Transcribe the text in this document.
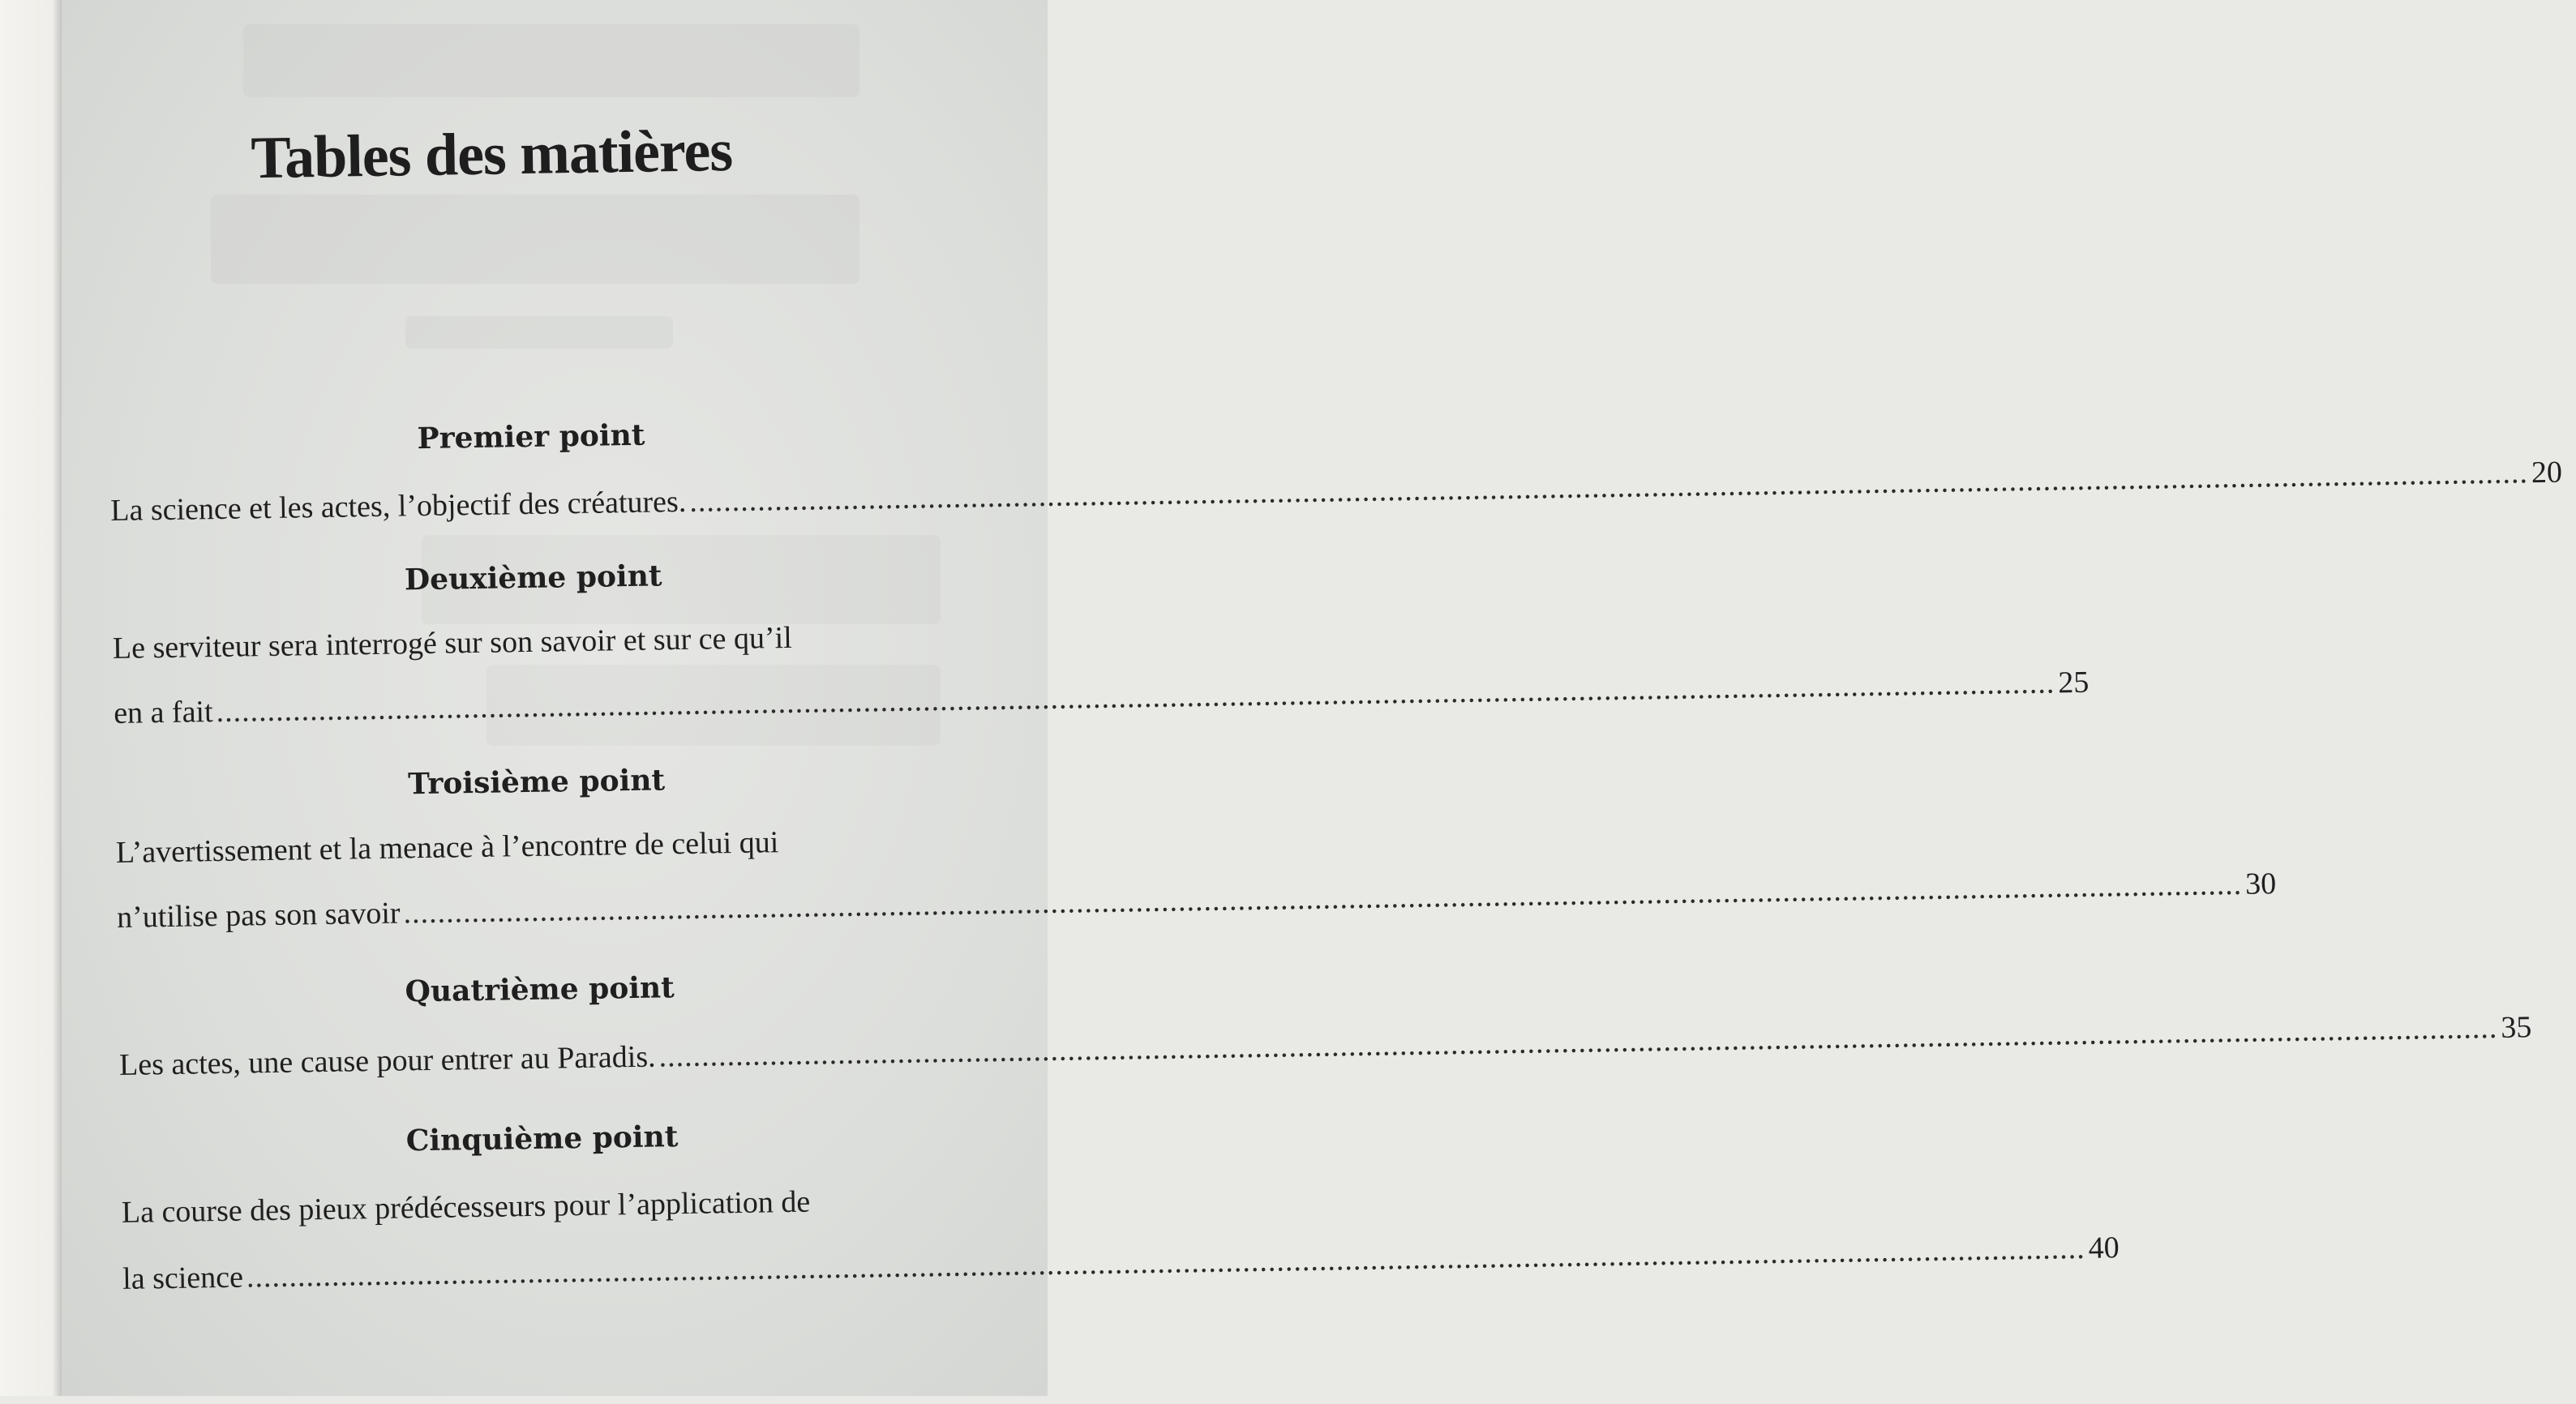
Tables des matières
Premier point
La science et les actes, l’objectif des créatures. ........................................................................................................................................................................................................................ 20
Deuxième point
Le serviteur sera interrogé sur son savoir et sur ce qu’il
en a fait ........................................................................................................................................................................................................................ 25
Troisième point
L’avertissement et la menace à l’encontre de celui qui
n’utilise pas son savoir ........................................................................................................................................................................................................................ 30
Quatrième point
Les actes, une cause pour entrer au Paradis. ........................................................................................................................................................................................................................ 35
Cinquième point
La course des pieux prédécesseurs pour l’application de
la science ........................................................................................................................................................................................................................ 40
